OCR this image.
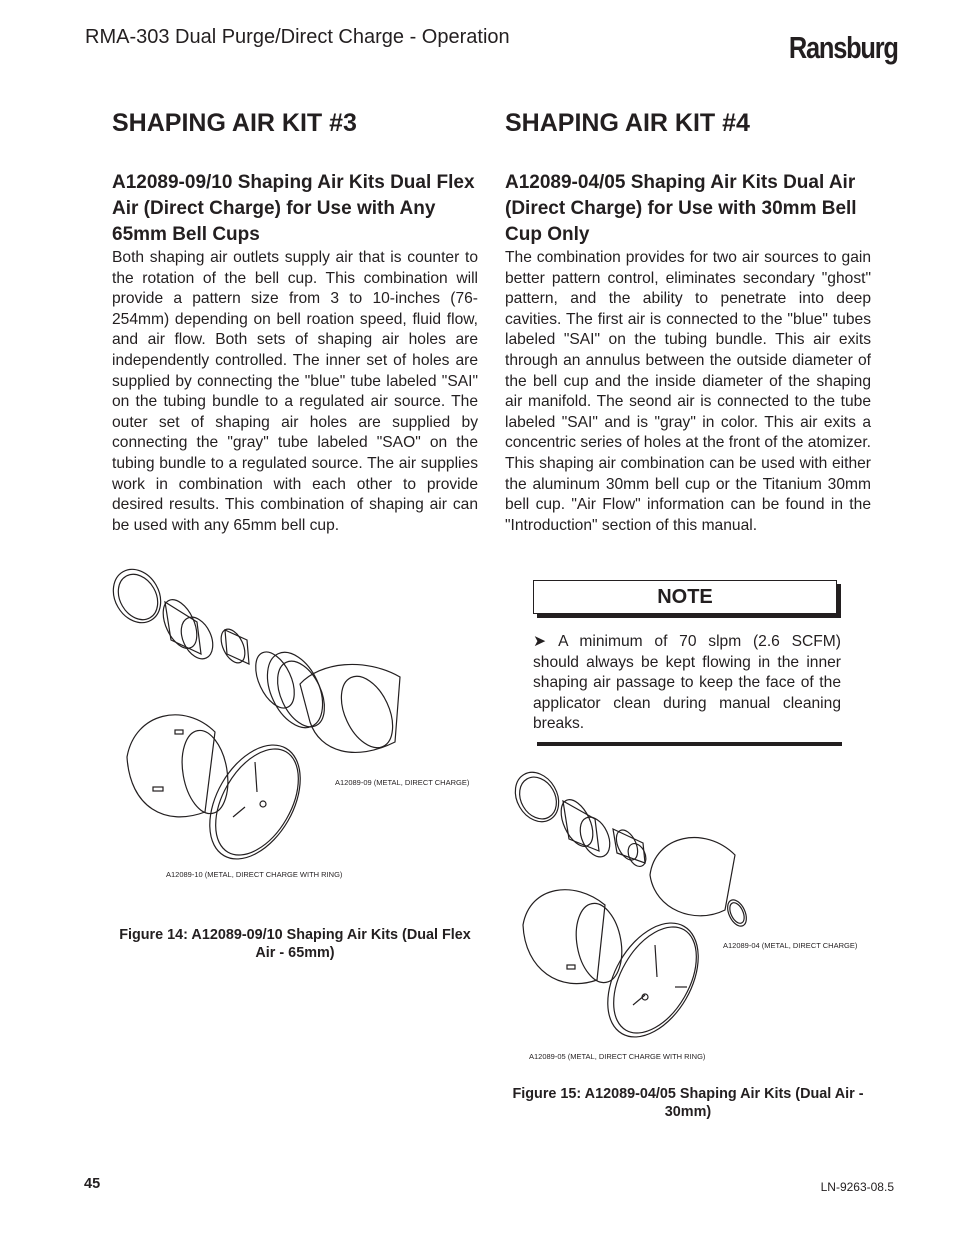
RMA-303 Dual Purge/Direct Charge - Operation	Ransburg
SHAPING AIR KIT #3
A12089-09/10 Shaping Air Kits Dual Flex Air (Direct Charge) for Use with Any 65mm Bell Cups

Both shaping air outlets supply air that is counter to the rotation of the bell cup. This combination will provide a pattern size from 3 to 10-inches (76-254mm) depending on bell roation speed, fluid flow, and air flow. Both sets of shaping air holes are independently controlled. The inner set of holes are supplied by connecting the "blue" tube labeled "SAI" on the tubing bundle to a regulated air source. The outer set of shaping air holes are supplied by connecting the "gray" tube labeled "SAO" on the tubing bundle to a regulated source. The air supplies work in combination with each other to provide desired results. This combination of shaping air can be used with any 65mm bell cup.

SHAPING AIR KIT #4
A12089-04/05 Shaping Air Kits Dual Air (Direct Charge) for Use with 30mm Bell Cup Only

The combination provides for two air sources to gain better pattern control, eliminates secondary "ghost" pattern, and the ability to penetrate into deep cavities. The first air is connected to the "blue" tubes labeled "SAI" on the tubing bundle. This air exits through an annulus between the outside diameter of the bell cup and the inside diameter of the shaping air manifold. The seond air is connected to the tube labeled "SAI" and is "gray" in color. This air exits a concentric series of holes at the front of the atomizer. This shaping air combination can be used with either the aluminum 30mm bell cup or the Titanium 30mm bell cup. "Air Flow" information can be found in the "Introduction" section of this manual.

NOTE
➤ A minimum of 70 slpm (2.6 SCFM) should always be kept flowing in the inner shaping air passage to keep the face of the applicator clean during manual cleaning breaks.
A12089-09 (METAL, DIRECT CHARGE)
A12089-10 (METAL, DIRECT CHARGE WITH RING)
Figure 14: A12089-09/10 Shaping Air Kits (Dual Flex Air - 65mm)	A12089-04 (METAL, DIRECT CHARGE)
A12089-05 (METAL, DIRECT CHARGE WITH RING)
Figure 15: A12089-04/05 Shaping Air Kits (Dual Air - 30mm)
45	LN-9263-08.5
